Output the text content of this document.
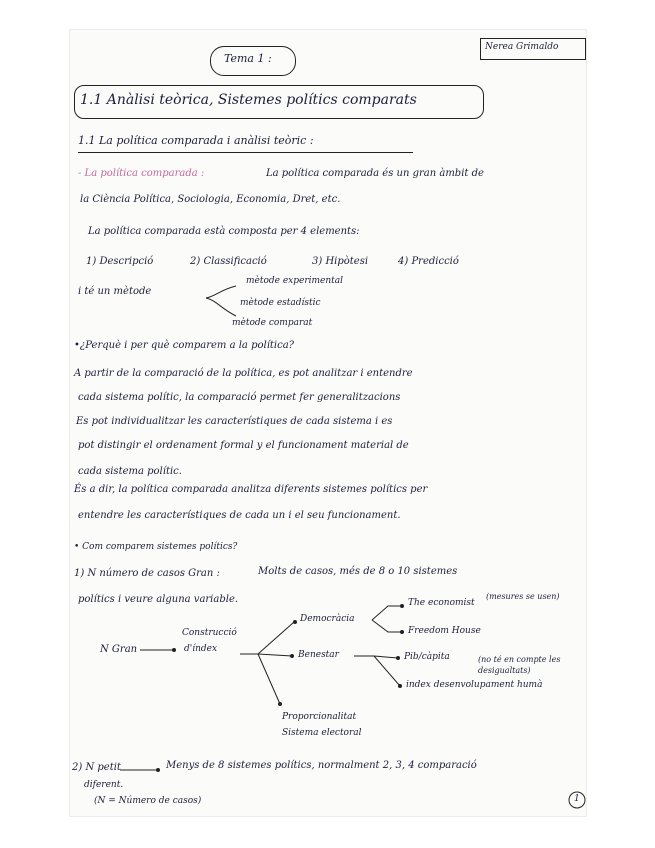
Tema 1 :
Nerea Grimaldo
1.1 Anàlisi teòrica, Sistemes polítics comparats
1.1 La política comparada i anàlisi teòric :
- La política comparada :	La política comparada és un gran àmbit de
la Ciència Política, Sociologia, Economia, Dret, etc.
La política comparada està composta per 4 elements:
1) Descripció	2) Classificació	3) Hipòtesi	4) Predicció
i té un mètode
mètode experimental
mètode estadístic
mètode comparat
•¿Perquè i per què comparem a la política?
A partir de la comparació de la política, es pot analitzar i entendre
cada sistema polític, la comparació permet fer generalitzacions
Es pot individualitzar les característiques de cada sistema i es
pot distingir el ordenament formal y el funcionament material de
cada sistema polític.
És a dir, la política comparada analitza diferents sistemes polítics per
entendre les característiques de cada un i el seu funcionament.
• Com comparem sistemes polítics?
1) N número de casos Gran :	Molts de casos, més de 8 o 10 sistemes
polítics i veure alguna variable.
N Gran
Construcció
d'índex
Democràcia
Benestar
Proporcionalitat
Sistema electoral
The economist
(mesures se usen)
Freedom House
Pib/càpita	(no té en compte les desigualtats)
index desenvolupament humà
2) N petit	Menys de 8 sistemes polítics, normalment 2, 3, 4 comparació
diferent.
(N = Número de casos)	1
